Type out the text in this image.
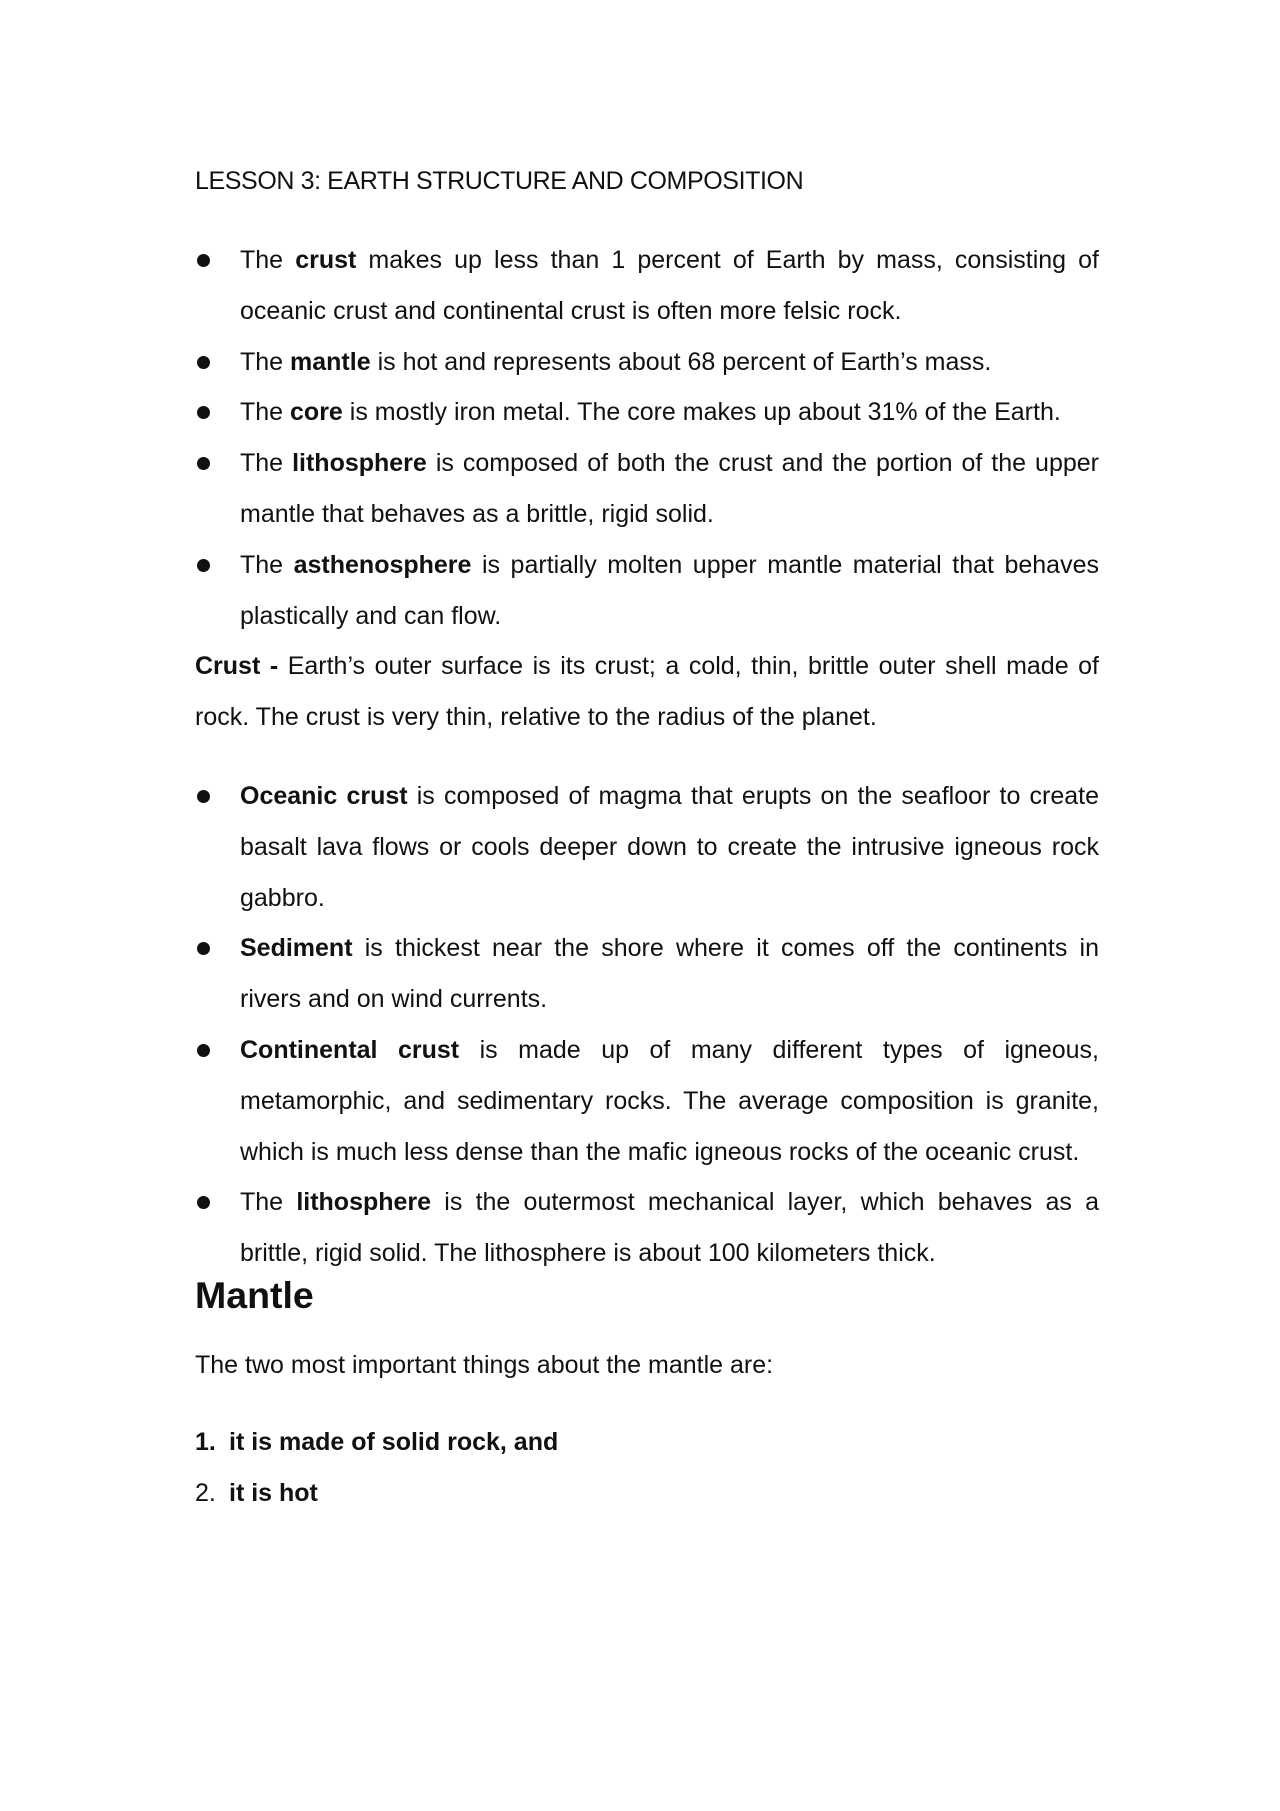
LESSON 3: EARTH STRUCTURE AND COMPOSITION
The crust makes up less than 1 percent of Earth by mass, consisting of oceanic crust and continental crust is often more felsic rock.
The mantle is hot and represents about 68 percent of Earth’s mass.
The core is mostly iron metal. The core makes up about 31% of the Earth.
The lithosphere is composed of both the crust and the portion of the upper mantle that behaves as a brittle, rigid solid.
The asthenosphere is partially molten upper mantle material that behaves plastically and can flow.

Crust - Earth’s outer surface is its crust; a cold, thin, brittle outer shell made of rock. The crust is very thin, relative to the radius of the planet.

Oceanic crust is composed of magma that erupts on the seafloor to create basalt lava flows or cools deeper down to create the intrusive igneous rock gabbro.
Sediment is thickest near the shore where it comes off the continents in rivers and on wind currents.
Continental crust is made up of many different types of igneous, metamorphic, and sedimentary rocks. The average composition is granite, which is much less dense than the mafic igneous rocks of the oceanic crust.
The lithosphere is the outermost mechanical layer, which behaves as a brittle, rigid solid. The lithosphere is about 100 kilometers thick.
Mantle

The two most important things about the mantle are:

1. it is made of solid rock, and
2. it is hot
